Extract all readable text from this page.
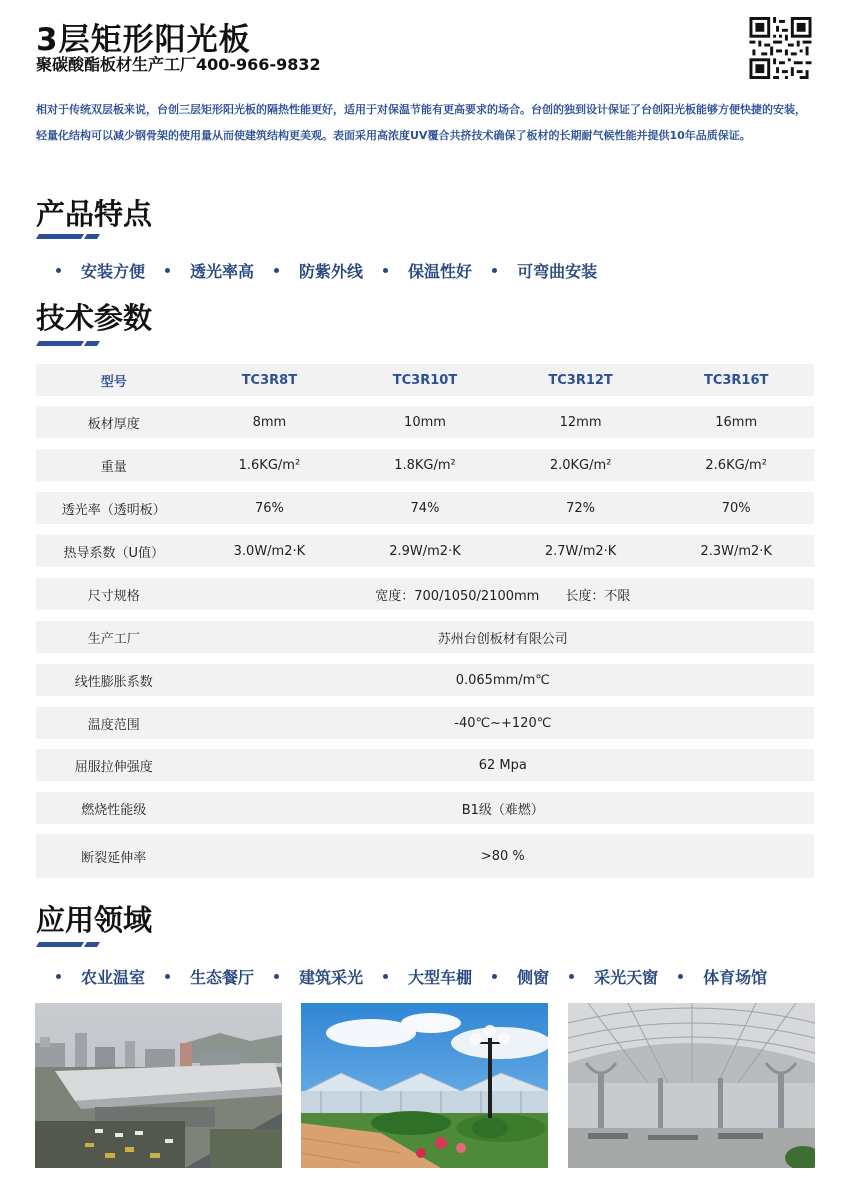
3层矩形阳光板
聚碳酸酯板材生产工厂400-966-9832
相对于传统双层板来说，台创三层矩形阳光板的隔热性能更好，适用于对保温节能有更高要求的场合。台创的独到设计保证了台创阳光板能够方便快捷的安装，轻量化结构可以减少钢骨架的使用量从而使建筑结构更美观。表面采用高浓度UV覆合共挤技术确保了板材的长期耐气候性能并提供10年品质保证。
产品特点
安装方便	透光率高	防紫外线	保温性好	可弯曲安装
技术参数
型号	TC3R8T	TC3R10T	TC3R12T	TC3R16T
板材厚度	8mm	10mm	12mm	16mm
重量	1.6KG/m²	1.8KG/m²	2.0KG/m²	2.6KG/m²
透光率（透明板）	76%	74%	72%	70%
热导系数（U值）	3.0W/m2·K	2.9W/m2·K	2.7W/m2·K	2.3W/m2·K
尺寸规格	宽度：700/1050/2100mm　　长度：不限
生产工厂	苏州台创板材有限公司
线性膨胀系数	0.065mm/m℃
温度范围	-40℃~+120℃
屈服拉伸强度	62 Mpa
燃烧性能级	B1级（难燃）
断裂延伸率	>80 %
应用领域
农业温室	生态餐厅	建筑采光	大型车棚	侧窗	采光天窗	体育场馆
